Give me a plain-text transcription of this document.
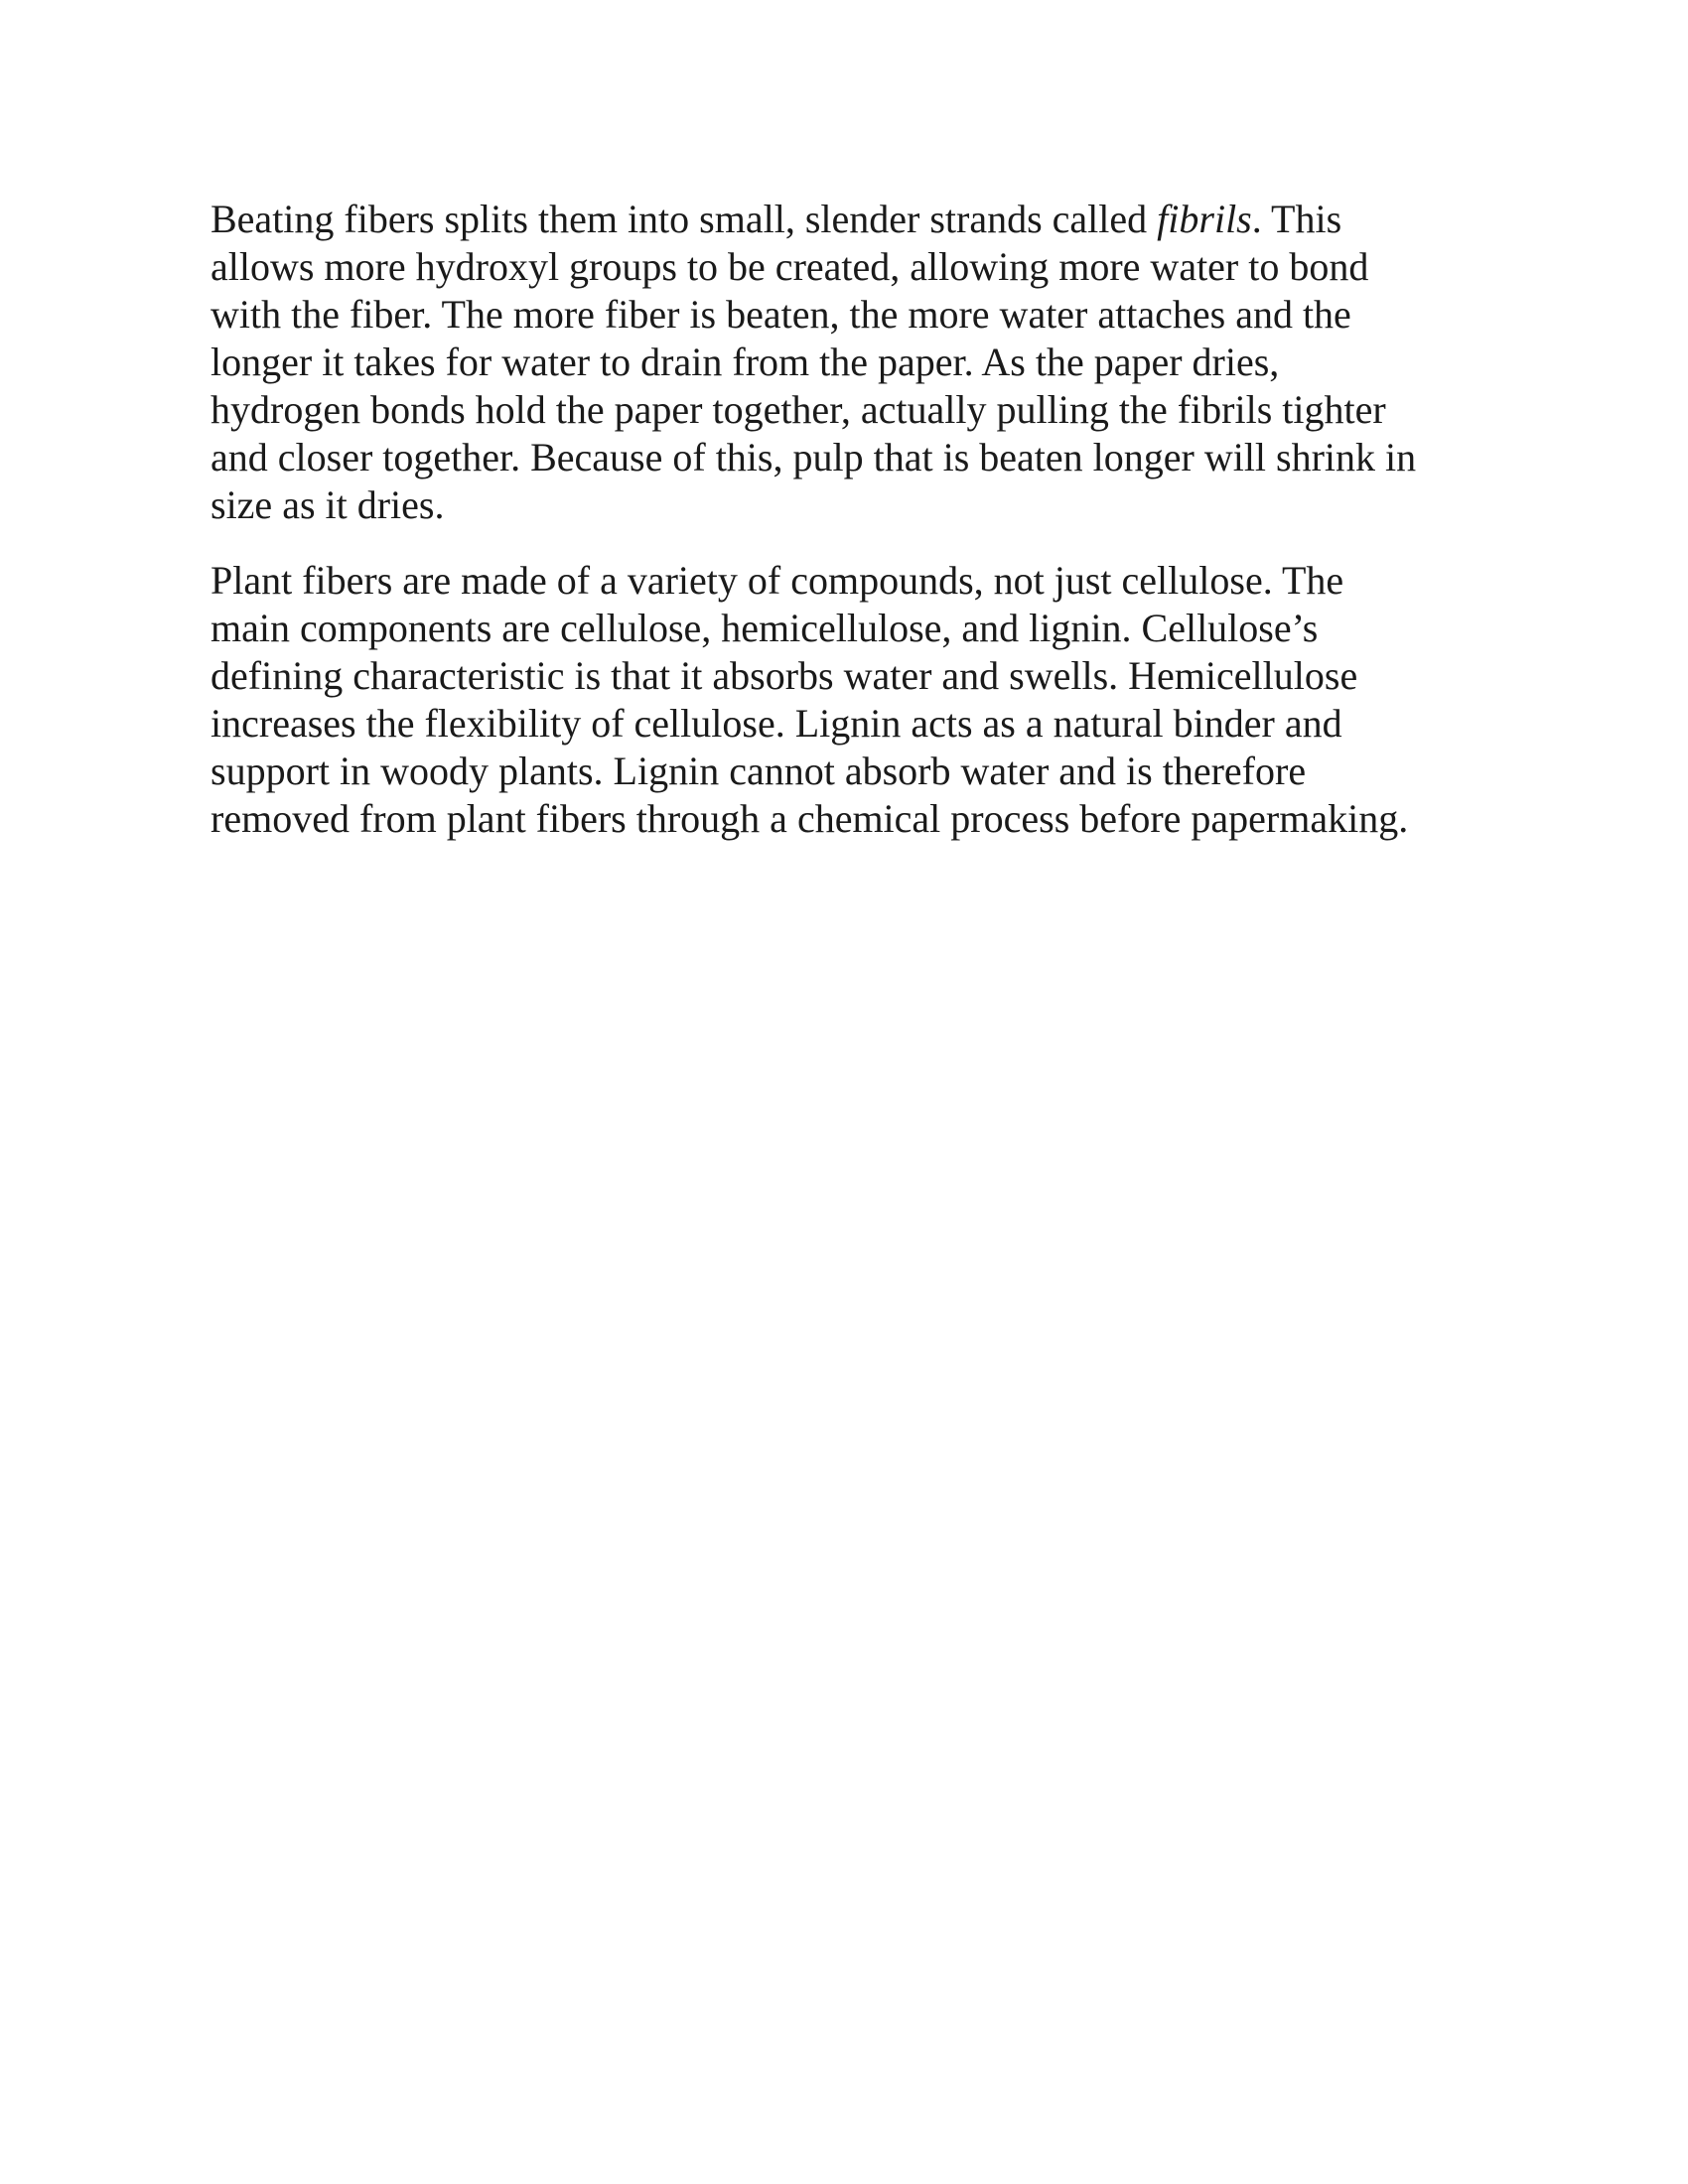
Beating fibers splits them into small, slender strands called fibrils. This
allows more hydroxyl groups to be created, allowing more water to bond
with the fiber. The more fiber is beaten, the more water attaches and the
longer it takes for water to drain from the paper. As the paper dries,
hydrogen bonds hold the paper together, actually pulling the fibrils tighter
and closer together. Because of this, pulp that is beaten longer will shrink in
size as it dries.

Plant fibers are made of a variety of compounds, not just cellulose. The
main components are cellulose, hemicellulose, and lignin. Cellulose’s
defining characteristic is that it absorbs water and swells. Hemicellulose
increases the flexibility of cellulose. Lignin acts as a natural binder and
support in woody plants. Lignin cannot absorb water and is therefore
removed from plant fibers through a chemical process before papermaking.
